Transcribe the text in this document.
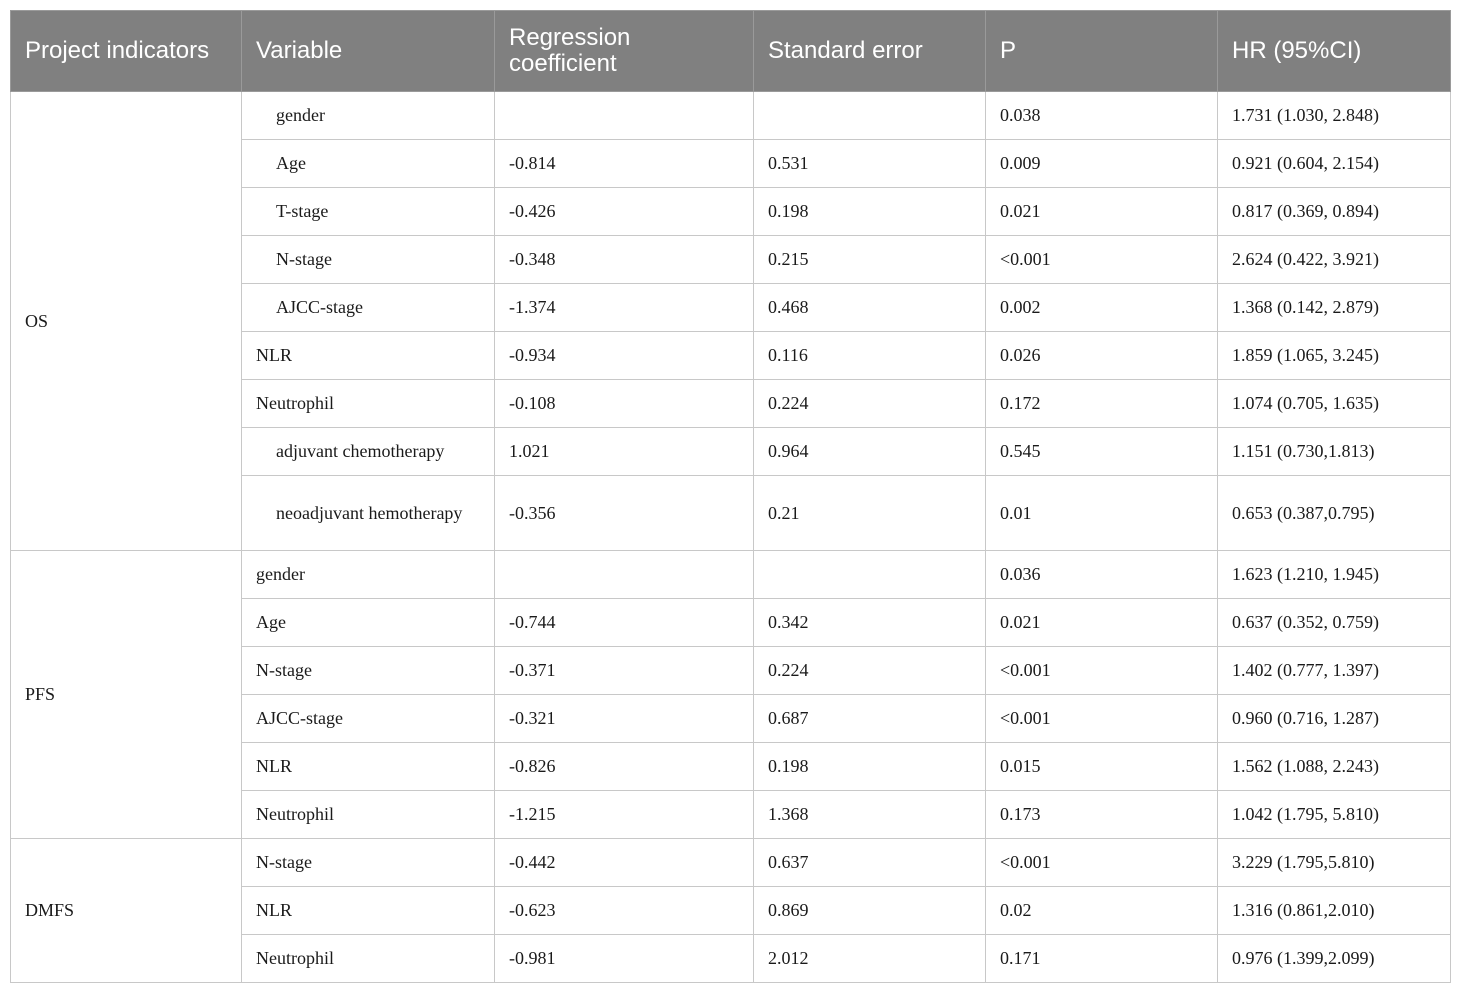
Project indicators	Variable	Regression coefficient	Standard error	P	HR (95%CI)
OS	gender			0.038	1.731 (1.030, 2.848)
	Age	-0.814	0.531	0.009	0.921 (0.604, 2.154)
	T-stage	-0.426	0.198	0.021	0.817 (0.369, 0.894)
	N-stage	-0.348	0.215	<0.001	2.624 (0.422, 3.921)
	AJCC-stage	-1.374	0.468	0.002	1.368 (0.142, 2.879)
	NLR	-0.934	0.116	0.026	1.859 (1.065, 3.245)
	Neutrophil	-0.108	0.224	0.172	1.074 (0.705, 1.635)
	adjuvant chemotherapy	1.021	0.964	0.545	1.151 (0.730,1.813)
	neoadjuvant hemotherapy	-0.356	0.21	0.01	0.653 (0.387,0.795)
PFS	gender			0.036	1.623 (1.210, 1.945)
	Age	-0.744	0.342	0.021	0.637 (0.352, 0.759)
	N-stage	-0.371	0.224	<0.001	1.402 (0.777, 1.397)
	AJCC-stage	-0.321	0.687	<0.001	0.960 (0.716, 1.287)
	NLR	-0.826	0.198	0.015	1.562 (1.088, 2.243)
	Neutrophil	-1.215	1.368	0.173	1.042 (1.795, 5.810)
DMFS	N-stage	-0.442	0.637	<0.001	3.229 (1.795,5.810)
	NLR	-0.623	0.869	0.02	1.316 (0.861,2.010)
	Neutrophil	-0.981	2.012	0.171	0.976 (1.399,2.099)
